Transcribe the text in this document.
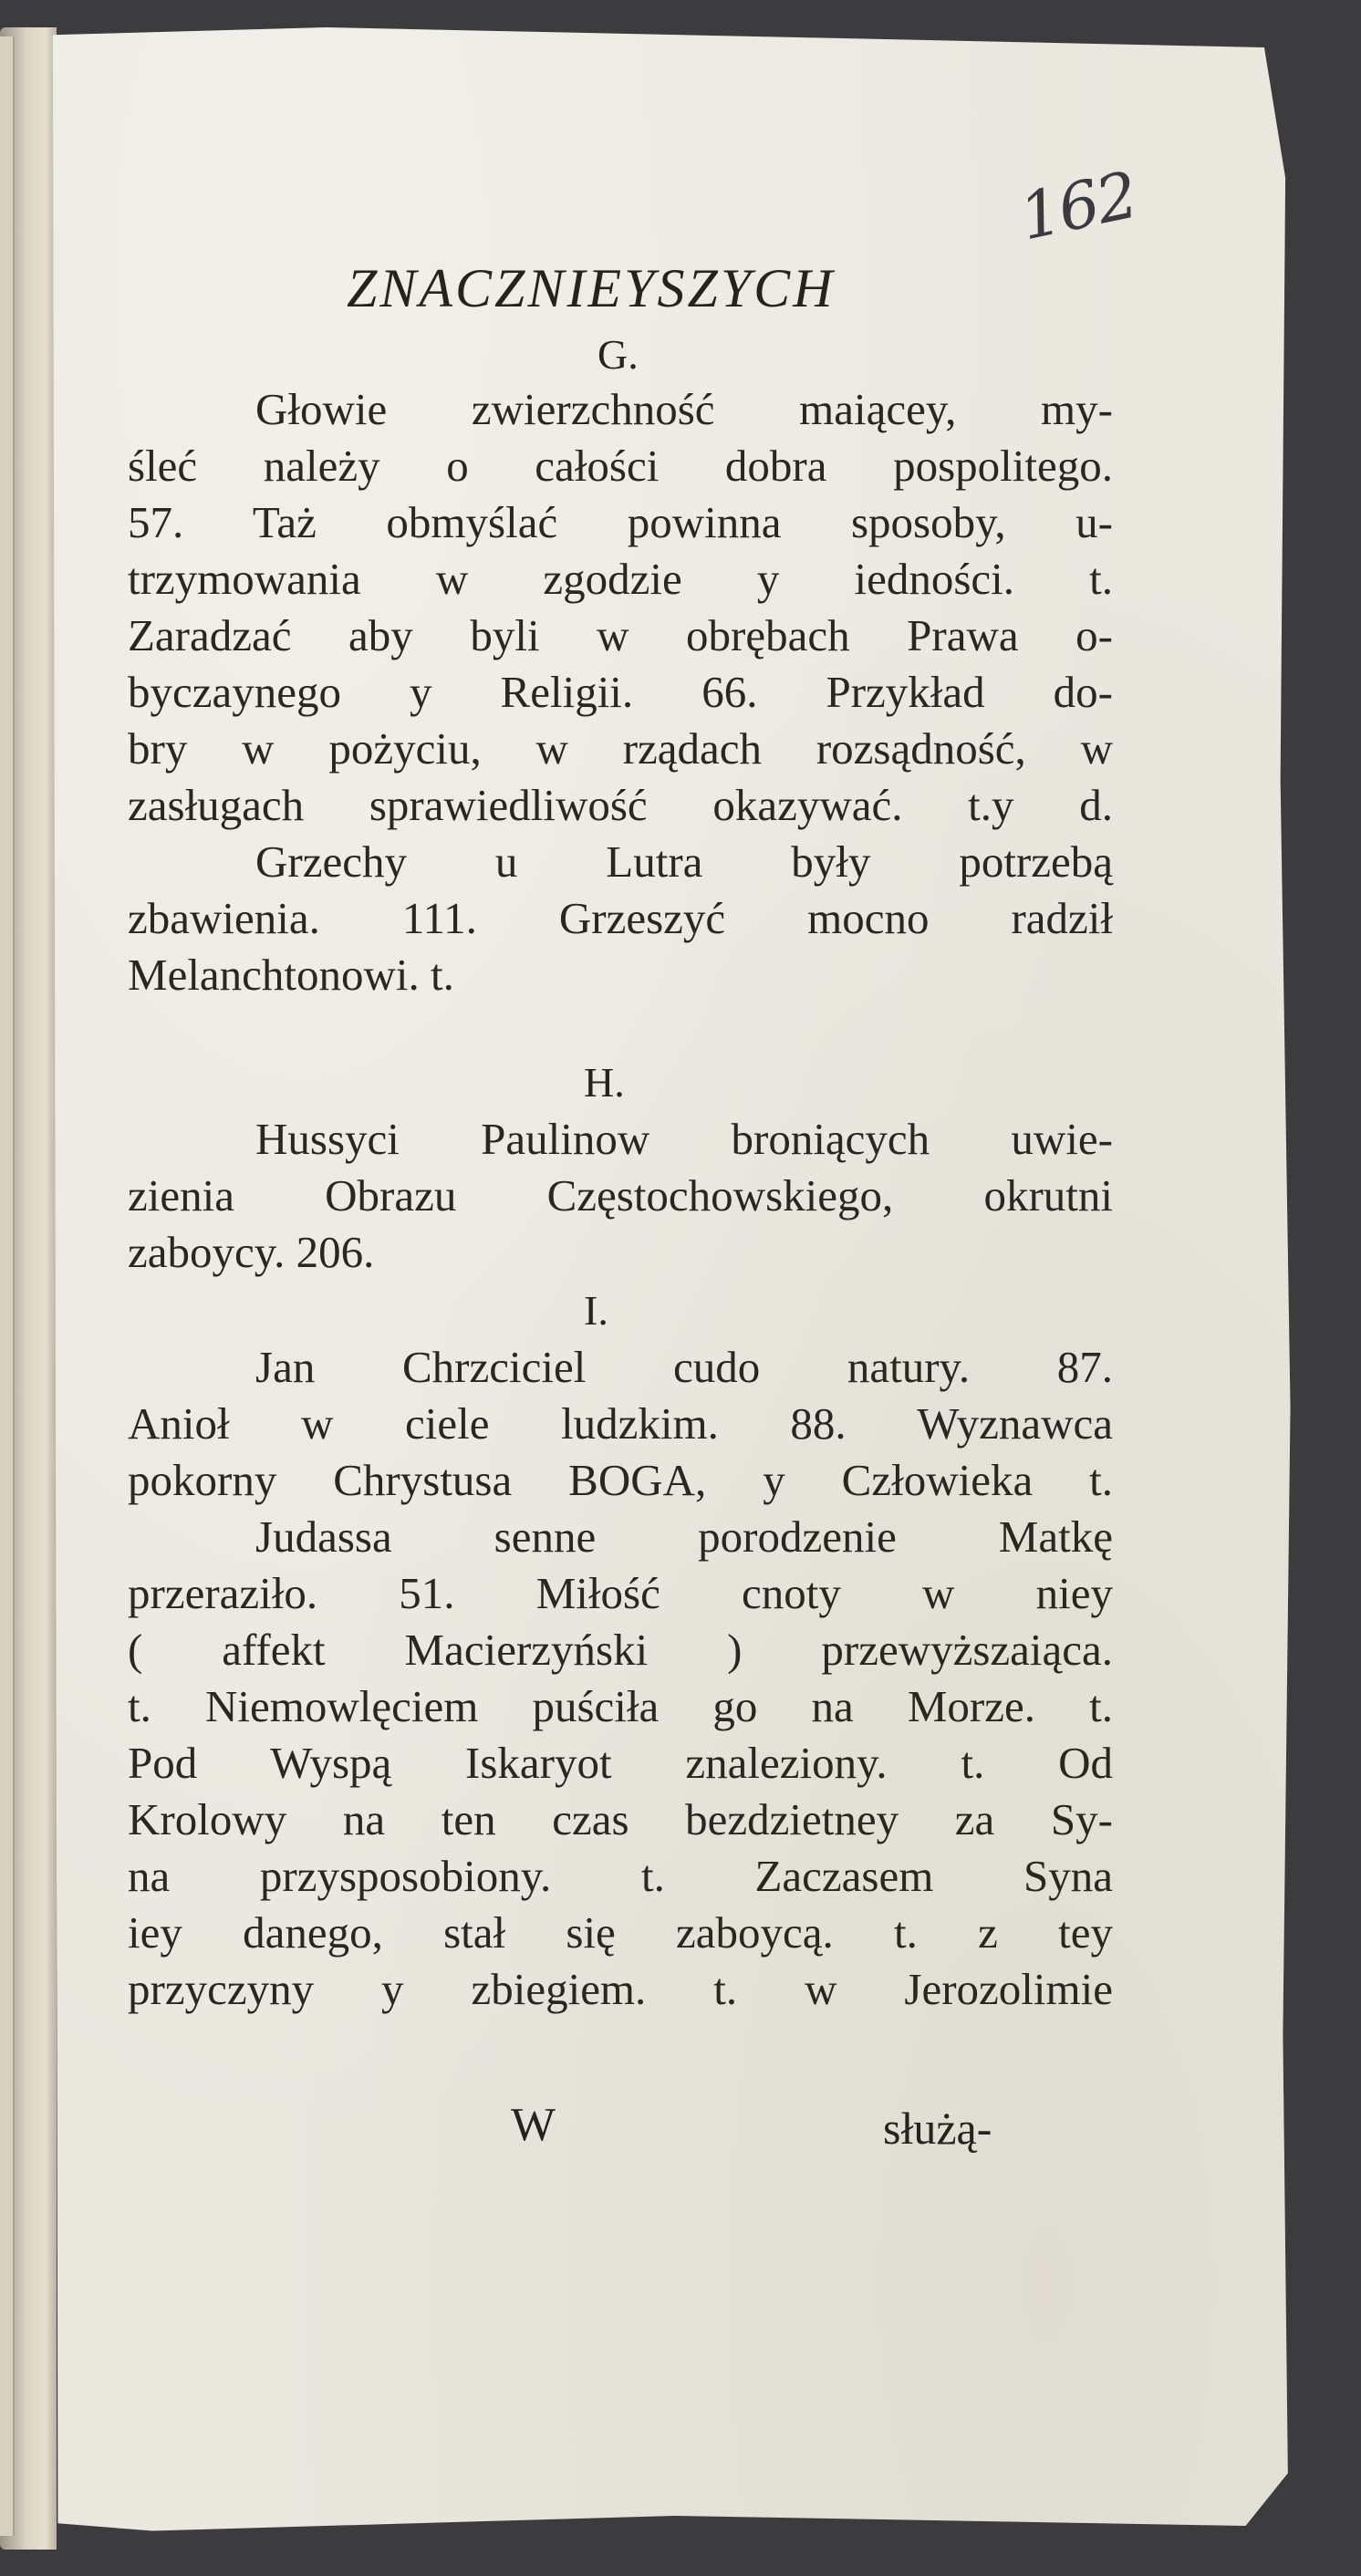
162
ZNACZNIEYSZYCH
G.
Głowie zwierzchność maiącey, my-
śleć należy o całości dobra pospolitego.
57. Taż obmyślać powinna sposoby, u-
trzymowania w zgodzie y iedności. t.
Zaradzać aby byli w obrębach Prawa o-
byczaynego y Religii. 66. Przykład do-
bry w pożyciu, w rządach rozsądność, w
zasługach sprawiedliwość okazywać. t.y d.
Grzechy u Lutra były potrzebą
zbawienia. 111. Grzeszyć mocno radził
Melanchtonowi. t.
H.
Hussyci Paulinow broniących uwie-
zienia Obrazu Częstochowskiego, okrutni
zaboycy. 206.
I.
Jan Chrzciciel cudo natury. 87.
Anioł w ciele ludzkim. 88. Wyznawca
pokorny Chrystusa BOGA, y Człowieka t.
Judassa senne porodzenie Matkę
przeraziło. 51. Miłość cnoty w niey
( affekt Macierzyński ) przewyższaiąca.
t. Niemowlęciem puściła go na Morze. t.
Pod Wyspą Iskaryot znaleziony. t. Od
Krolowy na ten czas bezdzietney za Sy-
na przysposobiony. t. Zaczasem Syna
iey danego, stał się zaboycą. t. z tey
przyczyny y zbiegiem. t. w Jerozolimie
W	służą-
